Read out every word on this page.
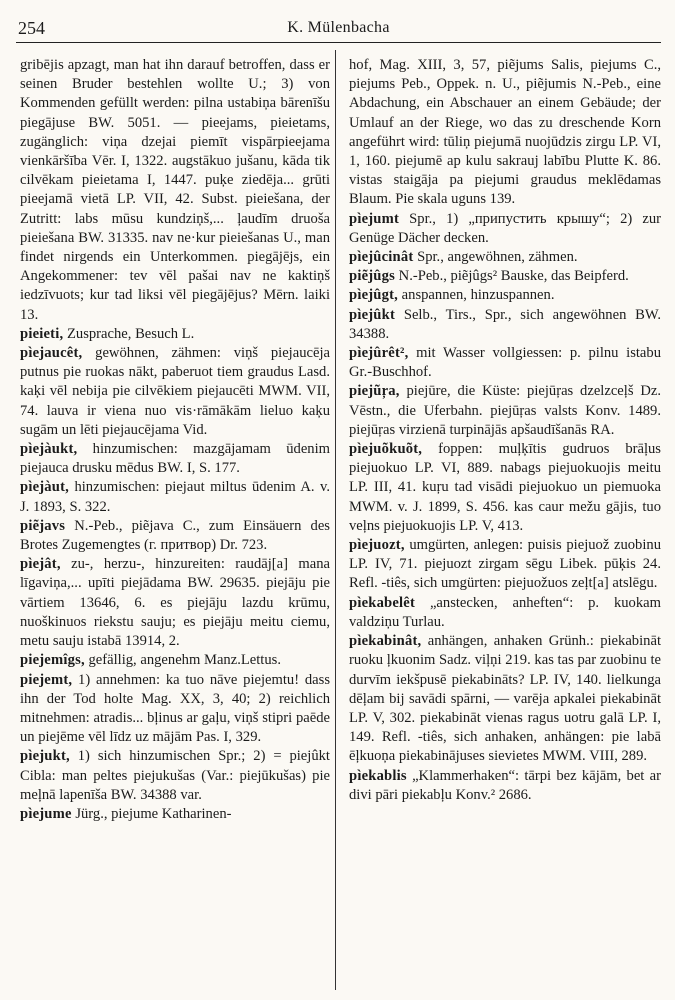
254	K. Mülenbacha

gribējis apzagt, man hat ihn darauf betroffen, dass er seinen Bruder bestehlen wollte U.; 3) von Kommenden gefüllt werden: pilna ustabiņa bārenīšu piegājuse BW. 5051. — pieejams, pieietams, zugänglich: viņa dzejai piemīt vispārpieejama vienkāršība Vēr. I, 1322. augstākuo jušanu, kāda tik cilvēkam pieietama I, 1447. puķe ziedēja... grūti pieejamā vietā LP. VII, 42. Subst. pieiešana, der Zutritt: labs mūsu kundziņš,... ļaudīm druoša pieiešana BW. 31335. nav ne·kur pieiešanas U., man findet nirgends ein Unterkommen. piegājējs, ein Angekommener: tev vēl pašai nav ne kaktiņš iedzīvuots; kur tad liksi vēl piegājējus? Mērn. laiki 13.

pieieti, Zusprache, Besuch L.

pìejaucêt, gewöhnen, zähmen: viņš piejaucēja putnus pie ruokas nākt, paberuot tiem graudus Lasd. kaķi vēl nebija pie cilvēkiem piejaucēti MWM. VII, 74. lauva ir viena nuo vis·rāmākām lieluo kaķu sugām un lēti piejaucējama Vid.

pìejàukt, hinzumischen: mazgājamam ūdenim piejauca drusku mēdus BW. I, S. 177.

pìejàut, hinzumischen: piejaut miltus ūdenim A. v. J. 1893, S. 322.

piẽjavs N.-Peb., piẽjava C., zum Einsäuern des Brotes Zugemengtes (г. притвор) Dr. 723.

pìejât, zu-, herzu-, hinzureiten: raudāj[a] mana līgaviņa,... upīti piejādama BW. 29635. piejāju pie vārtiem 13646, 6. es piejāju lazdu krūmu, nuoškinuos riekstu sauju; es piejāju meitu ciemu, metu sauju istabā 13914, 2.

piejemîgs, gefällig, angenehm Manz.Lettus.

piejemt, 1) annehmen: ka tuo nāve piejemtu! dass ihn der Tod holte Mag. XX, 3, 40; 2) reichlich mitnehmen: atradis... bļinus ar gaļu, viņš stipri paēde un piejēme vēl līdz uz mājām Pas. I, 329.

pìejukt, 1) sich hinzumischen Spr.; 2) = piejûkt Cibla: man peltes piejukušas (Var.: piejūkušas) pie meļnā lapenīša BW. 34388 var.

pìejume Jürg., piejume Katharinen-

hof, Mag. XIII, 3, 57, piẽjums Salis, piejums C., piejums Peb., Oppek. n. U., piẽjumis N.-Peb., eine Abdachung, ein Abschauer an einem Gebäude; der Umlauf an der Riege, wo das zu dreschende Korn angeführt wird: tūliņ piejumā nuojūdzis zirgu LP. VI, 1, 160. piejumē ap kulu sakrauj labību Plutte K. 86. vistas staigāja pa piejumi graudus meklēdamas Blaum. Pie skala uguns 139.

pìejumt Spr., 1) „припустить крышу“; 2) zur Genüge Dächer decken.

pìejûcinât Spr., angewöhnen, zähmen.

piẽjûgs N.-Peb., piẽjûgs² Bauske, das Beipferd.

pìejûgt, anspannen, hinzuspannen.

pìejûkt Selb., Tirs., Spr., sich angewöhnen BW. 34388.

pìejûrêt², mit Wasser vollgiessen: p. pilnu istabu Gr.-Buschhof.

piejũŗa, piejūre, die Küste: piejūŗas dzelzceļš Dz. Vēstn., die Uferbahn. piejūŗas valsts Konv. 1489. piejūŗas virzienā turpinājās apšaudīšanās RA.

pìejuõkuõt, foppen: muļķītis gudruos brāļus piejuokuo LP. VI, 889. nabags piejuokuojis meitu LP. III, 41. kuŗu tad visādi piejuokuo un piemuoka MWM. v. J. 1899, S. 456. kas caur mežu gājis, tuo veļns piejuokuojis LP. V, 413.

pìejuozt, umgürten, anlegen: puisis piejuož zuobinu LP. IV, 71. piejuozt zirgam sēgu Libek. pūķis 24. Refl. -tiês, sich umgürten: piejuožuos zeļt[a] atslēgu.

pìekabelêt „anstecken, anheften“: p. kuokam valdziņu Turlau.

pìekabinât, anhängen, anhaken Grünh.: piekabināt ruoku ļkuonim Sadz. viļņi 219. kas tas par zuobinu te durvīm iekšpusē piekabināts? LP. IV, 140. lielkunga dēļam bij savādi spārni, — varēja apkalei piekabināt LP. V, 302. piekabināt vienas ragus uotru galā LP. I, 149. Refl. -tiês, sich anhaken, anhängen: pie labā ēļkuoņa piekabinājuses sievietes MWM. VIII, 289.

pìekablis „Klammerhaken“: tārpi bez kājām, bet ar divi pāri piekabļu Konv.² 2686.
